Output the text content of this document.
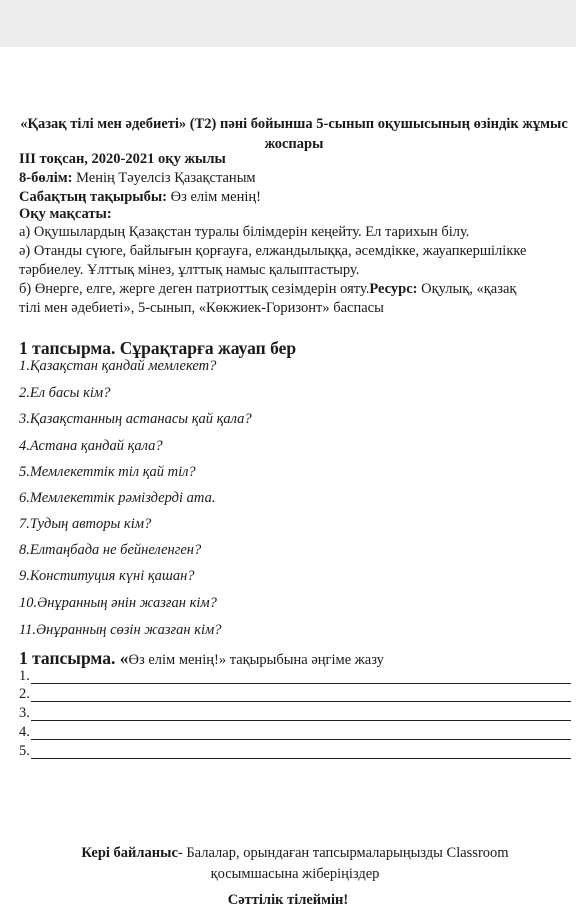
«Қазақ тілі мен әдебиеті» (Т2) пәні бойынша 5-сынып оқушысының өзіндік жұмыс жоспары
ІІІ тоқсан, 2020-2021 оқу жылы
8-бөлім: Менің Тәуелсіз Қазақстаным
Сабақтың тақырыбы: Өз елім менің!
Оқу мақсаты:
а) Оқушылардың Қазақстан туралы білімдерін кеңейту. Ел тарихын білу.
ә) Отанды сүюге, байлығын қорғауға, елжандылыққа, әсемдікке, жауапкершілікке
тәрбиелеу. Ұлттық мінез, ұлттық намыс қалыптастыру.
б) Өнерге, елге, жерге деген патриоттық сезімдерін ояту.Ресурс: Оқулық, «қазақ
тілі мен әдебиеті», 5-сынып, «Көкжиек-Горизонт» баспасы
1 тапсырма. Сұрақтарға жауап бер
1.Қазақстан қандай мемлекет?
2.Ел басы кім?
3.Қазақстанның астанасы қай қала?
4.Астана қандай қала?
5.Мемлекеттік тіл қай тіл?
6.Мемлекеттік рәміздерді ата.
7.Тудың авторы кім?
8.Елтаңбада не бейнеленген?
9.Конституция күні қашан?
10.Әнұранның әнін жазған кім?
11.Әнұранның сөзін жазған кім?
1 тапсырма. «Өз елім менің!» тақырыбына әңгіме жазу
1.
2.
3.
4.
5.
Кері байланыс- Балалар, орындаған тапсырмаларыңызды Classroom қосымшасына жіберіңіздер
Сәттілік тілеймін!
